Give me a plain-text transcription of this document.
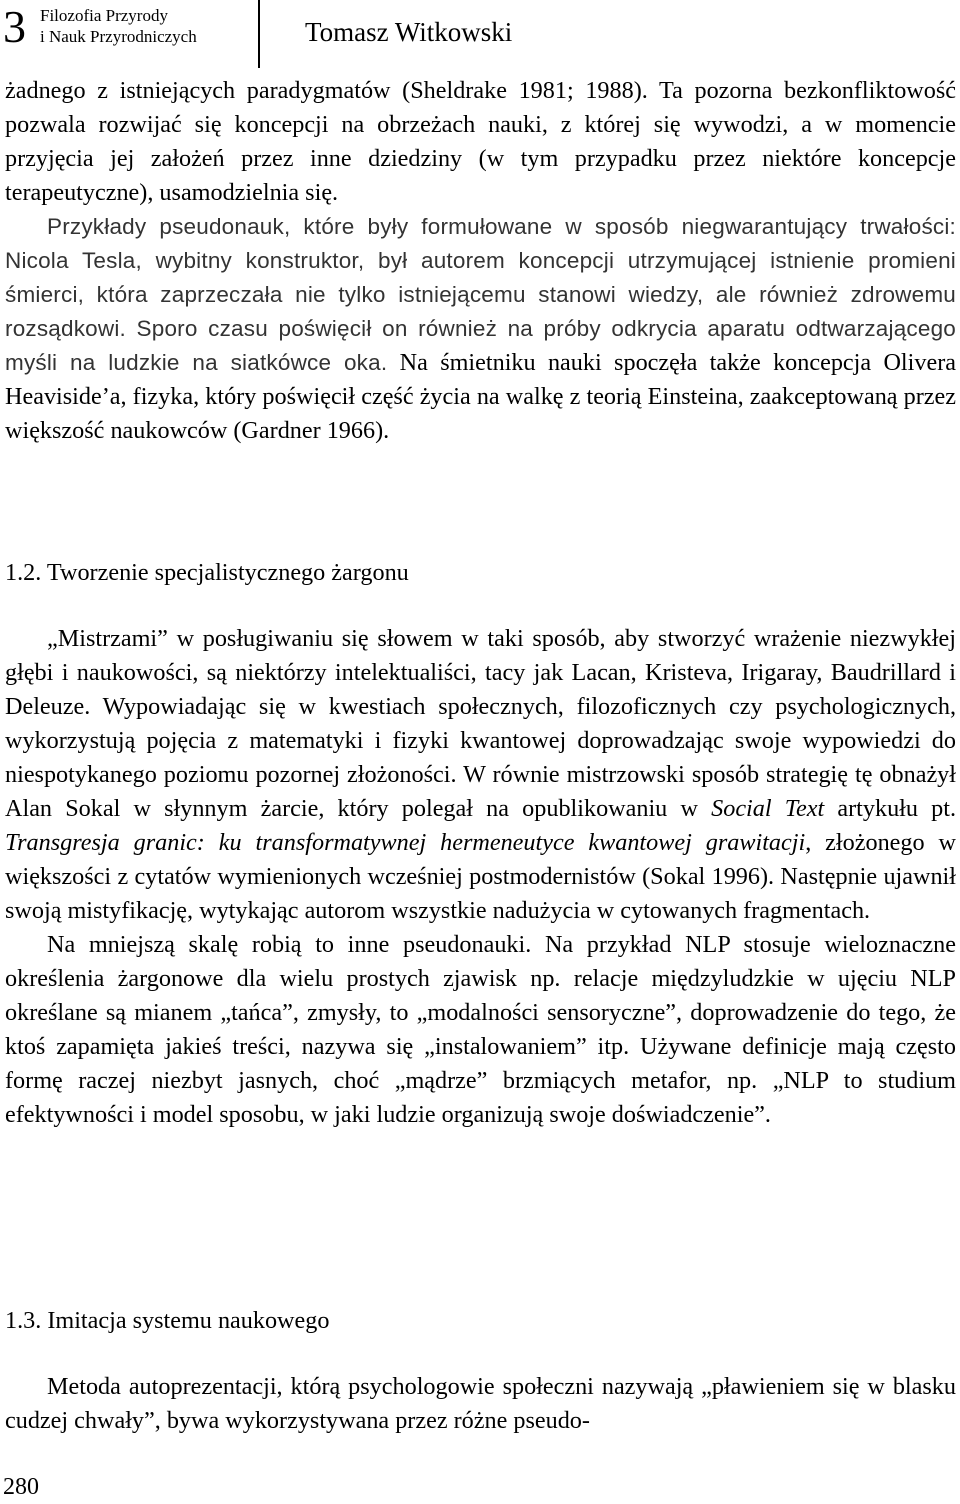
3 Filozofia Przyrody
i Nauk Przyrodniczych	Tomasz Witkowski

żadnego z istniejących paradygmatów (Sheldrake 1981; 1988). Ta pozorna bezkonfliktowość pozwala rozwijać się koncepcji na obrzeżach nauki, z której się wywodzi, a w momencie przyjęcia jej założeń przez inne dziedziny (w tym przypadku przez niektóre koncepcje terapeutyczne), usamodzielnia się.

Przykłady pseudonauk, które były formułowane w sposób niegwarantujący trwałości: Nicola Tesla, wybitny konstruktor, był autorem koncepcji utrzymującej istnienie promieni śmierci, która zaprzeczała nie tylko istniejącemu stanowi wiedzy, ale również zdrowemu rozsądkowi. Sporo czasu poświęcił on również na próby odkrycia aparatu odtwarzającego myśli na ludzkie na siatkówce oka. Na śmietniku nauki spoczęła także koncepcja Olivera Heaviside’a, fizyka, który poświęcił część życia na walkę z teorią Einsteina, zaakceptowaną przez większość naukowców (Gardner 1966).

1.2. Tworzenie specjalistycznego żargonu

„Mistrzami” w posługiwaniu się słowem w taki sposób, aby stworzyć wrażenie niezwykłej głębi i naukowości, są niektórzy intelektualiści, tacy jak Lacan, Kristeva, Irigaray, Baudrillard i Deleuze. Wypowiadając się w kwestiach społecznych, filozoficznych czy psychologicznych, wykorzystują pojęcia z matematyki i fizyki kwantowej doprowadzając swoje wypowiedzi do niespotykanego poziomu pozornej złożoności. W równie mistrzowski sposób strategię tę obnażył Alan Sokal w słynnym żarcie, który polegał na opublikowaniu w Social Text artykułu pt. Transgresja granic: ku transformatywnej hermeneutyce kwantowej grawitacji, złożonego w większości z cytatów wymienionych wcześniej postmodernistów (Sokal 1996). Następnie ujawnił swoją mistyfikację, wytykając autorom wszystkie nadużycia w cytowanych fragmentach.

Na mniejszą skalę robią to inne pseudonauki. Na przykład NLP stosuje wieloznaczne określenia żargonowe dla wielu prostych zjawisk np. relacje międzyludzkie w ujęciu NLP określane są mianem „tańca”, zmysły, to „modalności sensoryczne”, doprowadzenie do tego, że ktoś zapamięta jakieś treści, nazywa się „instalowaniem” itp. Używane definicje mają często formę raczej niezbyt jasnych, choć „mądrze” brzmiących metafor, np. „NLP to studium efektywności i model sposobu, w jaki ludzie organizują swoje doświadczenie”.

1.3. Imitacja systemu naukowego

Metoda autoprezentacji, którą psychologowie społeczni nazywają „pławieniem się w blasku cudzej chwały”, bywa wykorzystywana przez różne pseudo-

280
